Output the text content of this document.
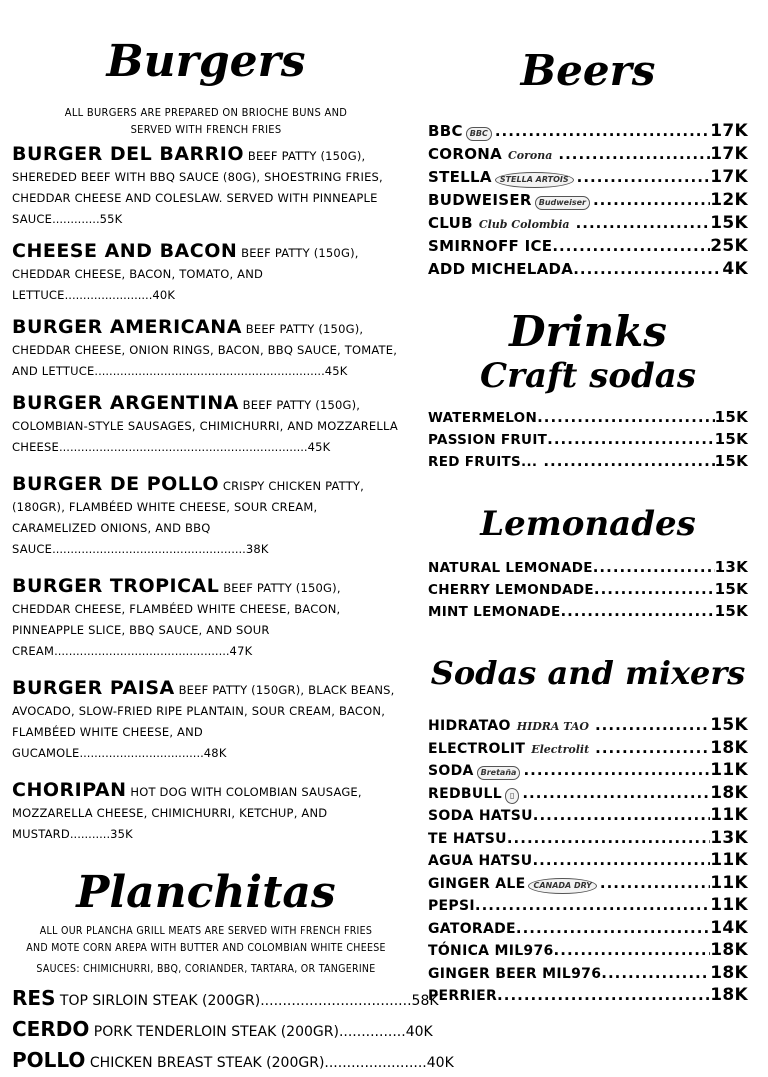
Burgers
ALL BURGERS ARE PREPARED ON BRIOCHE BUNS AND
SERVED WITH FRENCH FRIES
BURGER DEL BARRIO BEEF PATTY (150G), SHEREDED BEEF WITH BBQ SAUCE (80G), SHOESTRING FRIES, CHEDDAR CHEESE AND COLESLAW. SERVED WITH PINNEAPLE SAUCE.............55K
CHEESE AND BACON BEEF PATTY (150G), CHEDDAR CHEESE, BACON, TOMATO, AND LETTUCE........................40K
BURGER AMERICANA BEEF PATTY (150G), CHEDDAR CHEESE, ONION RINGS, BACON, BBQ SAUCE, TOMATE, AND LETTUCE...............................................................45K
BURGER ARGENTINA BEEF PATTY (150G), COLOMBIAN-STYLE SAUSAGES, CHIMICHURRI, AND MOZZARELLA CHEESE....................................................................45K
BURGER DE POLLO CRISPY CHICKEN PATTY, (180GR), FLAMBÉED WHITE CHEESE, SOUR CREAM, CARAMELIZED ONIONS, AND BBQ SAUCE.....................................................38K
BURGER TROPICAL BEEF PATTY (150G), CHEDDAR CHEESE, FLAMBÉED WHITE CHEESE, BACON, PINNEAPPLE SLICE, BBQ SAUCE, AND SOUR CREAM................................................47K
BURGER PAISA BEEF PATTY (150GR), BLACK BEANS, AVOCADO, SLOW-FRIED RIPE PLANTAIN, SOUR CREAM, BACON, FLAMBÉED WHITE CHEESE, AND GUCAMOLE..................................48K
CHORIPAN HOT DOG WITH COLOMBIAN SAUSAGE, MOZZARELLA CHEESE, CHIMICHURRI, KETCHUP, AND MUSTARD...........35K
Planchitas
ALL OUR PLANCHA GRILL MEATS ARE SERVED WITH FRENCH FRIES
AND MOTE CORN AREPA WITH BUTTER AND COLOMBIAN WHITE CHEESE
SAUCES: CHIMICHURRI, BBQ, CORIANDER, TARTARA, OR TANGERINE
RES TOP SIRLOIN STEAK (200GR)..................................58K
CERDO PORK TENDERLOIN STEAK (200GR)...............40K
POLLO CHICKEN BREAST STEAK (200GR).......................40K
Beers
BBC BBC .....	17K
CORONA Corona .....	17K
STELLA	STELLA ARTOIS .....	17K
BUDWEISER Budweiser .....	12K
CLUB Club Colombia .....	15K
SMIRNOFF ICE .....	25K
ADD MICHELADA .....	4K
Drinks
Craft sodas
WATERMELON .....	15K
PASSION FRUIT .....	15K
RED FRUITS... .....	15K
Lemonades
NATURAL LEMONADE .....	13K
CHERRY LEMONDADE .....	15K
MINT LEMONADE .....	15K
Sodas and mixers
HIDRATAO HIDRA TAO .....	15K
ELECTROLIT Electrolit .....	18K
SODA Bretaña .....	11K
REDBULL	▯ .....	18K
SODA HATSU .....	11K
TE HATSU .....	13K
AGUA HATSU .....	11K
GINGER ALE	CANADA DRY .....	11K
PEPSI .....	11K
GATORADE .....	14K
TÓNICA MIL976 .....	18K
GINGER BEER MIL976 .....	18K
PERRIER .....	18K
